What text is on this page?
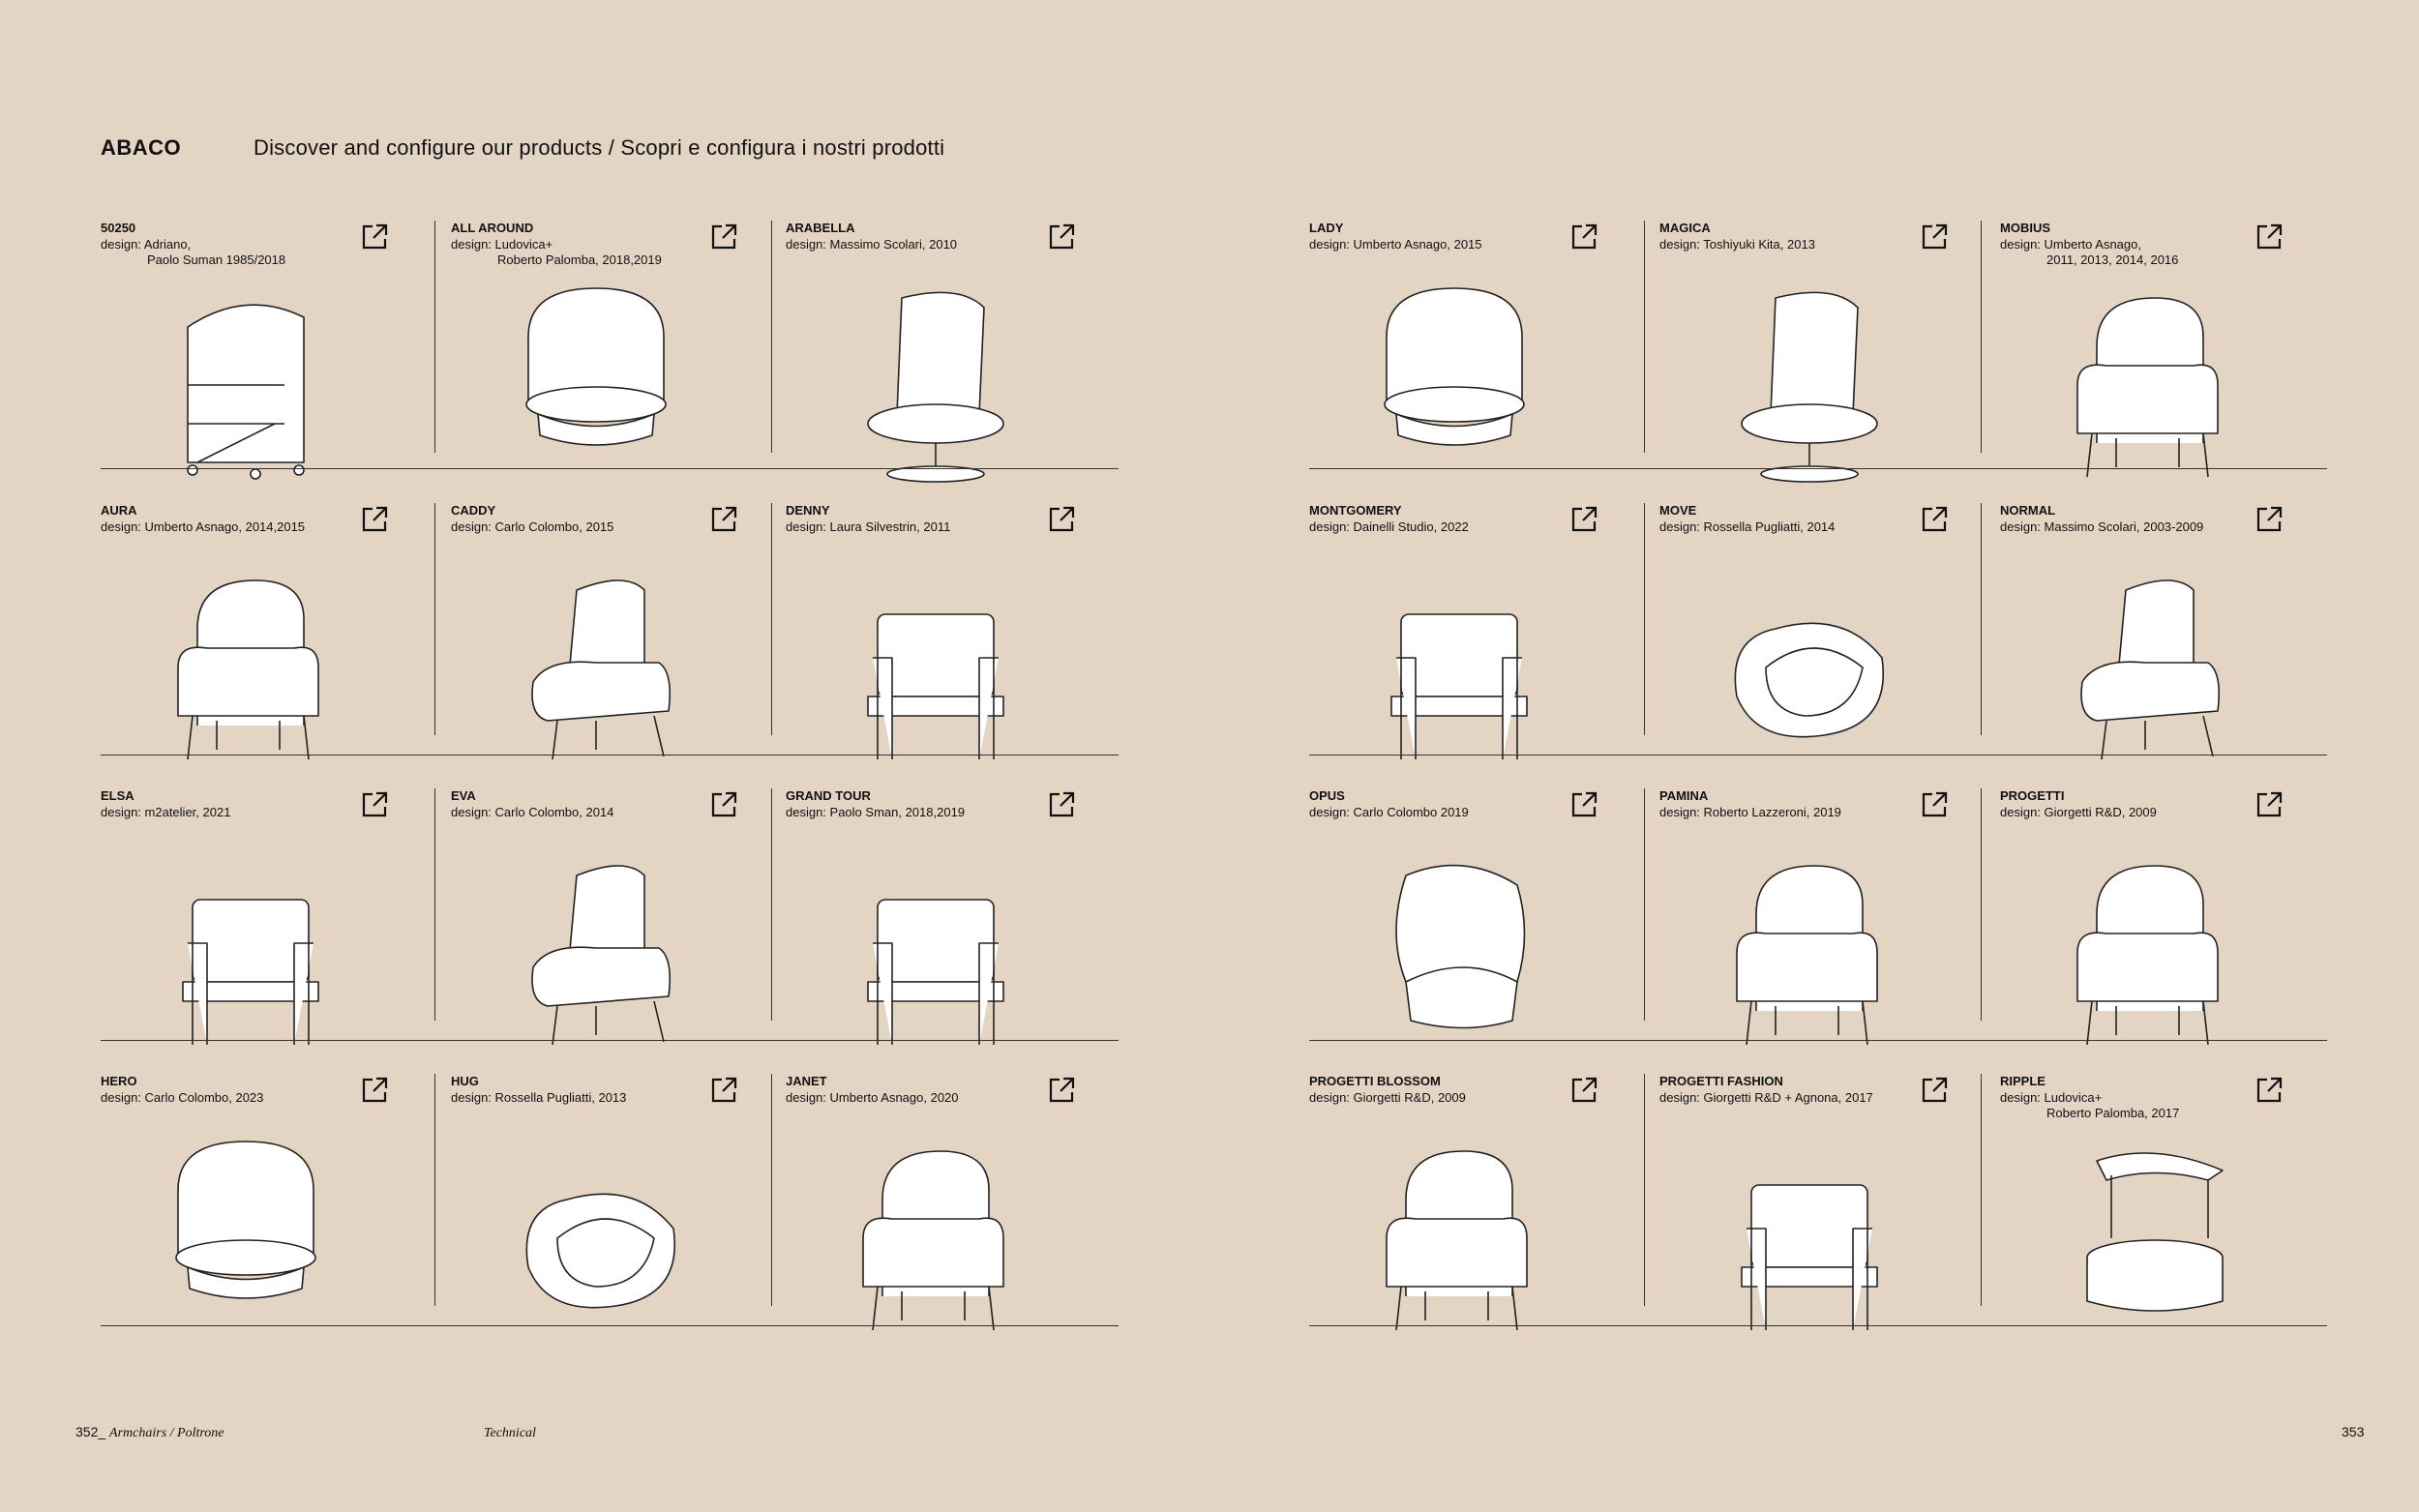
ABACO	Discover and configure our products / Scopri e configura i nostri prodotti
50250
design: Adriano,
Paolo Suman 1985/2018
ALL AROUND
design: Ludovica+
Roberto Palomba, 2018,2019
ARABELLA
design: Massimo Scolari, 2010
AURA
design: Umberto Asnago, 2014,2015
CADDY
design: Carlo Colombo, 2015
DENNY
design: Laura Silvestrin, 2011
ELSA
design: m2atelier, 2021
EVA
design: Carlo Colombo, 2014
GRAND TOUR
design: Paolo Sman, 2018,2019
HERO
design: Carlo Colombo, 2023
HUG
design: Rossella Pugliatti, 2013
JANET
design: Umberto Asnago, 2020
LADY
design: Umberto Asnago, 2015
MAGICA
design: Toshiyuki Kita, 2013
MOBIUS
design: Umberto Asnago,
2011, 2013, 2014, 2016
MONTGOMERY
design: Dainelli Studio, 2022
MOVE
design: Rossella Pugliatti, 2014
NORMAL
design: Massimo Scolari, 2003-2009
OPUS
design: Carlo Colombo 2019
PAMINA
design: Roberto Lazzeroni, 2019
PROGETTI
design: Giorgetti R&D, 2009
PROGETTI BLOSSOM
design: Giorgetti R&D, 2009
PROGETTI FASHION
design: Giorgetti R&D + Agnona, 2017
RIPPLE
design: Ludovica+
Roberto Palomba, 2017
352_ Armchairs / Poltrone	Technical	353
